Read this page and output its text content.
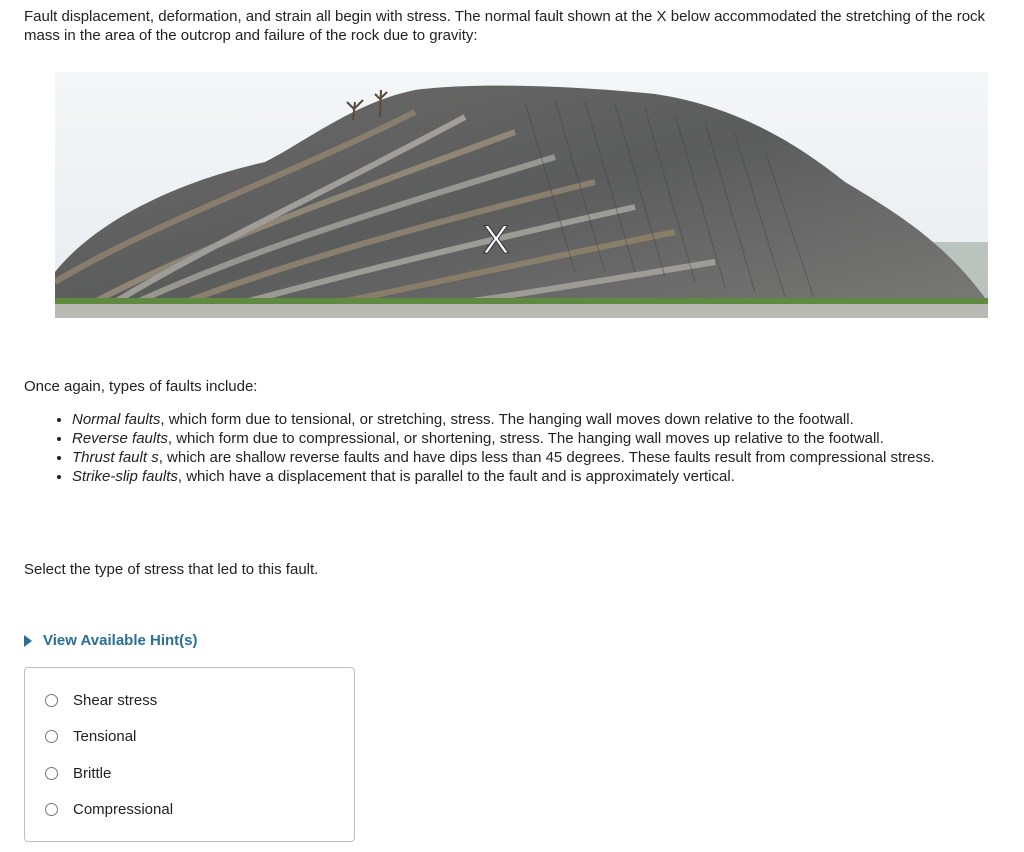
Fault displacement, deformation, and strain all begin with stress. The normal fault shown at the X below accommodated the stretching of the rock mass in the area of the outcrop and failure of the rock due to gravity:

X

Once again, types of faults include:

• Normal faults, which form due to tensional, or stretching, stress. The hanging wall moves down relative to the footwall.
• Reverse faults, which form due to compressional, or shortening, stress. The hanging wall moves up relative to the footwall.
• Thrust fault s, which are shallow reverse faults and have dips less than 45 degrees. These faults result from compressional stress.
• Strike-slip faults, which have a displacement that is parallel to the fault and is approximately vertical.

Select the type of stress that led to this fault.

View Available Hint(s)
Shear stress
Tensional
Brittle
Compressional
